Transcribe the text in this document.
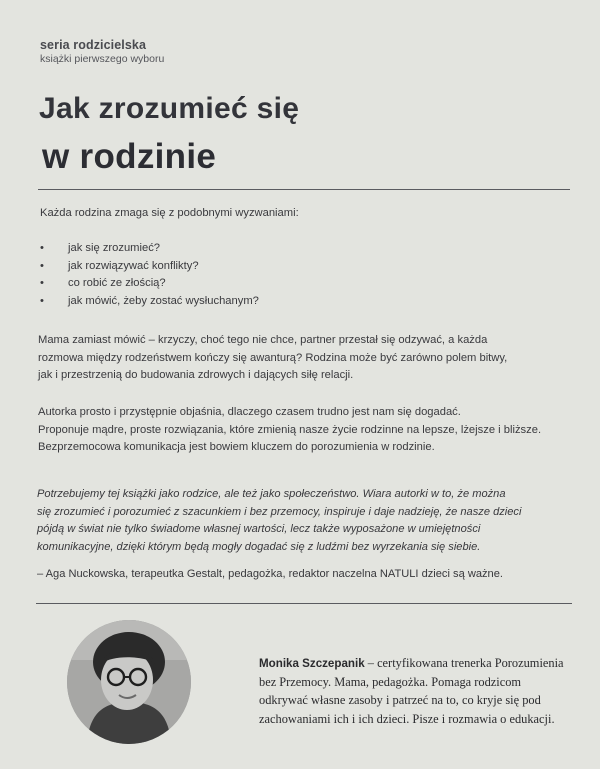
seria rodzicielska
książki pierwszego wyboru
Jak zrozumieć się
w rodzinie
Każda rodzina zmaga się z podobnymi wyzwaniami:
• jak się zrozumieć?
• jak rozwiązywać konflikty?
• co robić ze złością?
• jak mówić, żeby zostać wysłuchanym?
Mama zamiast mówić – krzyczy, choć tego nie chce, partner przestał się odzywać, a każda
rozmowa między rodzeństwem kończy się awanturą? Rodzina może być zarówno polem bitwy,
jak i przestrzenią do budowania zdrowych i dających siłę relacji.
Autorka prosto i przystępnie objaśnia, dlaczego czasem trudno jest nam się dogadać.
Proponuje mądre, proste rozwiązania, które zmienią nasze życie rodzinne na lepsze, lżejsze i bliższe.
Bezprzemocowa komunikacja jest bowiem kluczem do porozumienia w rodzinie.
Potrzebujemy tej książki jako rodzice, ale też jako społeczeństwo. Wiara autorki w to, że można
się zrozumieć i porozumieć z szacunkiem i bez przemocy, inspiruje i daje nadzieję, że nasze dzieci
pójdą w świat nie tylko świadome własnej wartości, lecz także wyposażone w umiejętności
komunikacyjne, dzięki którym będą mogły dogadać się z ludźmi bez wyrzekania się siebie.
– Aga Nuckowska, terapeutka Gestalt, pedagożka, redaktor naczelna NATULI dzieci są ważne.
Monika Szczepanik – certyfikowana trenerka Porozumienia
bez Przemocy. Mama, pedagożka. Pomaga rodzicom
odkrywać własne zasoby i patrzeć na to, co kryje się pod
zachowaniami ich i ich dzieci. Pisze i rozmawia o edukacji.
